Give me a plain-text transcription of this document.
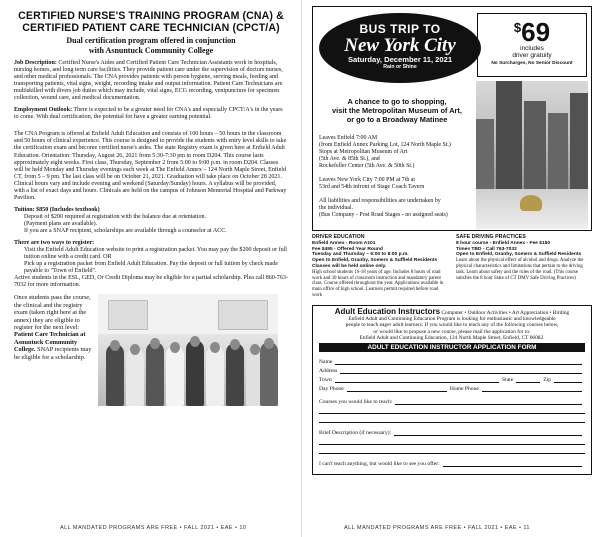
CERTIFIED NURSE'S TRAINING PROGRAM (CNA) &
CERTIFIED PATIENT CARE TECHNICIAN (CPCT/A)
Dual certification program offered in conjunction
with Asnuntuck Community College

Job Description: Certified Nurse's Aides and Certified Patient Care Technician Assistants work in hospitals, nursing homes, and long term care facilities. They provide patient care under the supervision of doctors nurses, and other medical professionals. The CNA provides patients with person hygiene, serving meals, feeding and transporting patients, vital signs, weight, recording intake and output information. Patient Care Technicians are multiskilled with divers job duties which may include, vital signs, ECG recording, venipuncture for specimen collection, wound care, and medical documentation.

Employment Outlook: There is expected to be a greater need for CNA's and especially CPCT/A's in the years to come. With dual certification, the potential for have a greater earning potential.

The CNA Program is offered at Enfield Adult Education and consists of 100 hours – 50 hours in the classroom and 50 hours of clinical experience. This course is designed to provide the students with entry level skills to take the certification exam and become certified nurse's aides. The state Registry exam is given here at Enfield Adult Education. Orientation: Thursday, August 26, 2021 from 5:30-7:30 pm in room D204. This course lasts approximately eight weeks. First class, Thursday, September 2 from 5:00 to 9:00 p.m. in room D204. Classes will be held Monday and Thursday evenings each week at The Enfield Annex – 124 North Maple Street, Enfield CT, from 5 – 9 pm. The last class will be on October 21, 2021. Graduation will take place on October 28 2021. Clinical hours vary and include evening and weekend (Saturday/Sunday) hours. A syllabus will be provided, with a list of exact days and hours. Clinicals are held on the campus of Johnson Memorial Hospital and Parkway Pavilion.

Tuition: $850 (Includes textbook)

Deposit of $200 required at registration with the balance due at orientation.

(Payment plans are available).

If you are a SNAP recipient, scholarships are available through a counselor at ACC.

There are two ways to register:

Visit the Enfield Adult Education website to print a registration packet. You may pay the $200 deposit or full tuition online with a credit card. OR

Pick up a registration packet from Enfield Adult Education. Pay the deposit or full tuition by check made payable to "Town of Enfield".

Active students in the ESL, GED, Or Credit Diploma may be eligible for a partial scholarship. Plea call 860-763-7032 for more information.

Once students pass the course, the clinical and the registry exam (taken right here at the annex) they are eligible to register for the next level: Patient Care Technician at Asnuntuck Community College. SNAP recipients may be eligible for a scholarship.

ALL MANDATED PROGRAMS ARE FREE • FALL 2021 • EAE • 10
BUS TRIP TO
New York City
Saturday, December 11, 2021
Rain or Shine
$69
includes
driver gratuity
No Surcharges, No Senior Discount
A chance to go to shopping,
visit the Metropolitan Museum of Art,
or go to a Broadway Matinee
Leaves Enfield 7:00 AM
(from Enfield Annex Parking Lot, 124 North Maple St.)
Stops at Metropolitan Museum of Art
(5th Ave. & 85th St.), and
Rockefeller Center (5th Ave. & 50th St.)
Leaves New York City 7:00 PM at 7th at
53rd and 54th infront of Stage Coach Tavern
All liabilities and responsibilities are undertaken by
the individual.
(Bus Company - Post Road Stages - no assigned seats)
DRIVER EDUCATION
Enfield Annex - Room A101
Fee $495 - Offered Year Round
Tuesday and Thursday – 6:00 to 8:00 p.m.
Open to Enfield, Granby, Somers & Suffield Residents
Classes will be held online only.
High school students 16-18 years of age. Includes 8 hours of road work and 30 hours of classroom instruction and mandatory parent class. Course offered throughout the year. Applications available in main office of high school. Learners permit required before road work
SAFE DRIVING PRACTICES
8 hour course - Enfield Annex - Fee $150
Times TBD - Call 763-7032
Open to Enfield, Granby, Somers & Suffield Residents
Learn about the physical effect of alcohol and drugs. Analyze the physical characteristics and limitations that pertain to the driving task. Learn about safety and the rules of the road. (This course satisfies the 8 hour State of CT DMV Safe Driving Practices)
Adult Education Instructors Computer • Outdoor Activities • Art Appreciation • Birding
Enfield Adult and Continuing Education Program is looking for enthusiastic and knowledgeable
people to teach eager adult learners. If you would like to teach any of the following courses below,
or would like to propose a new course, please mail the application for to:
Enfield Adult and Continuing Education, 124 North Maple Street, Enfield, CT 06082.
ADULT EDUCATION INSTRUCTOR APPLICATION FORM
Name
Address
Town	State	Zip
Day Phone	Home Phone
Courses you would like to teach:
Brief Description (if necessary):
I can't teach anything, but would like to see you offer:
ALL MANDATED PROGRAMS ARE FREE • FALL 2021 • EAE • 11
